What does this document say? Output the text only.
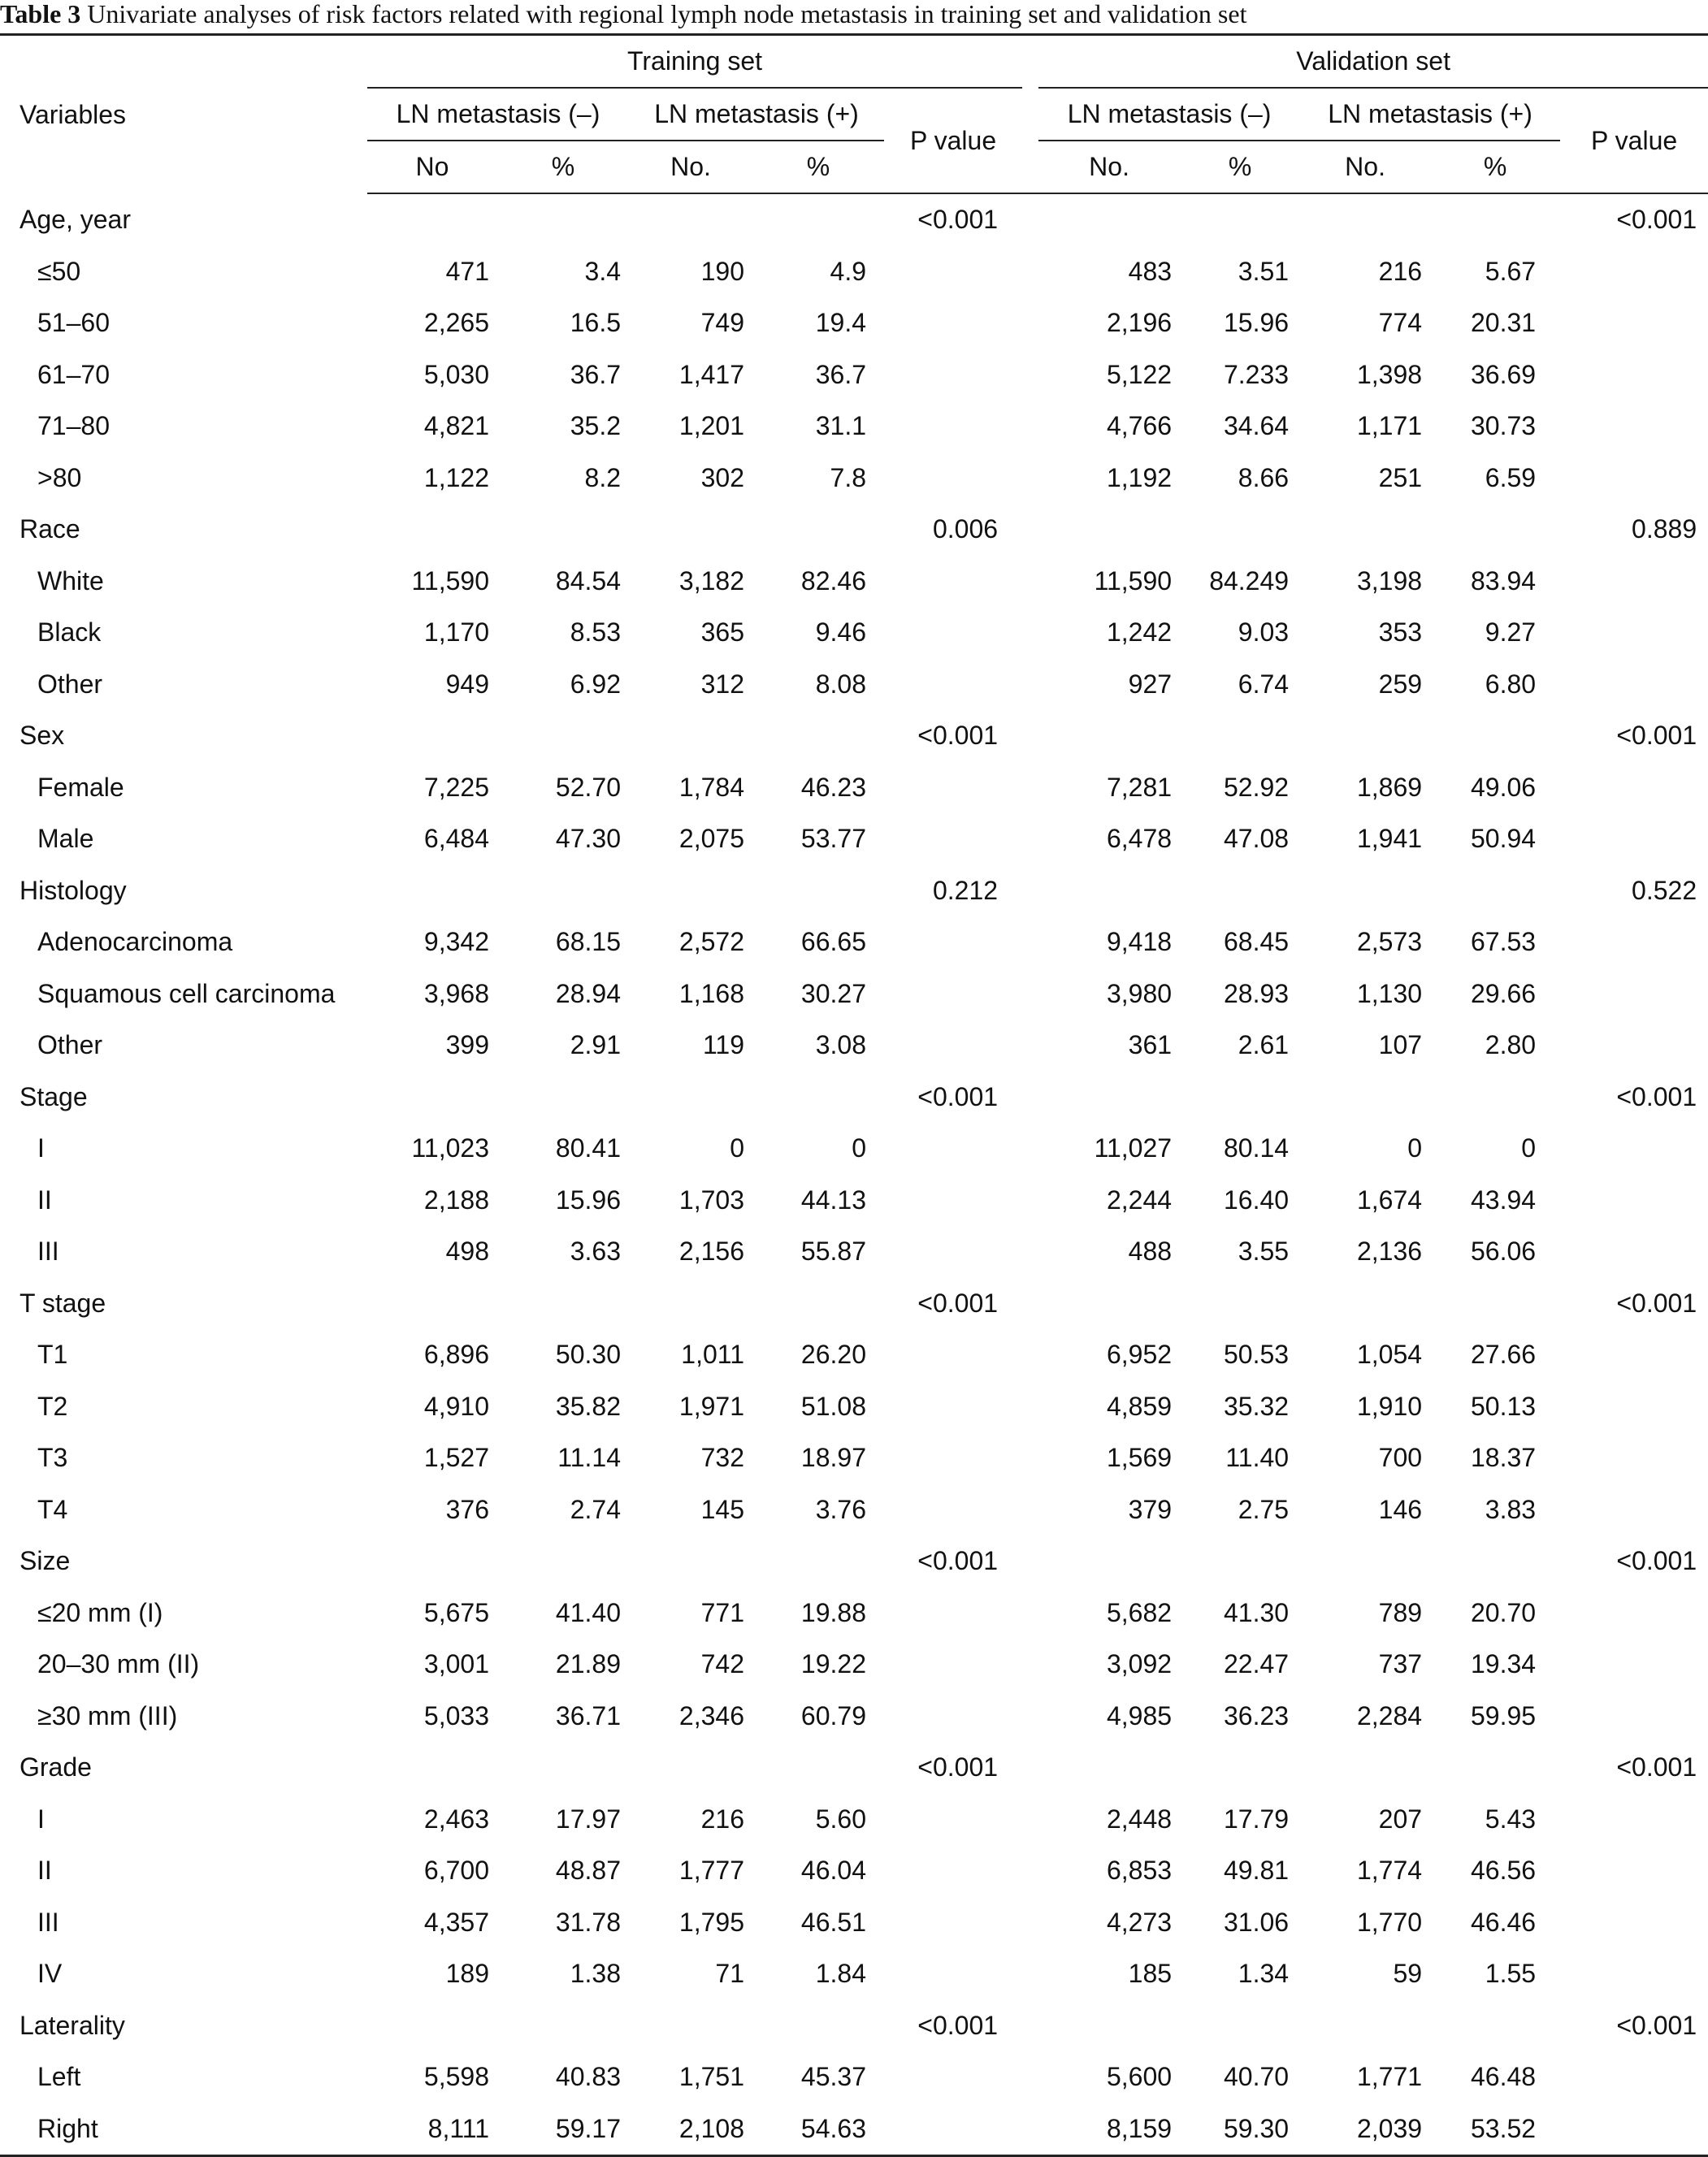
Table 3 Univariate analyses of risk factors related with regional lymph node metastasis in training set and validation set
Variables	Training set						Validation set				
	LN metastasis (–)		LN metastasis (+)		P value		LN metastasis (–)		LN metastasis (+)		P value
	No	%	No.	%			No.	%	No.	%	
Age, year					<0.001						<0.001
≤50	471	3.4	190	4.9			483	3.51	216	5.67	
51–60	2,265	16.5	749	19.4			2,196	15.96	774	20.31	
61–70	5,030	36.7	1,417	36.7			5,122	7.233	1,398	36.69	
71–80	4,821	35.2	1,201	31.1			4,766	34.64	1,171	30.73	
>80	1,122	8.2	302	7.8			1,192	8.66	251	6.59	
Race					0.006						0.889
White	11,590	84.54	3,182	82.46			11,590	84.249	3,198	83.94	
Black	1,170	8.53	365	9.46			1,242	9.03	353	9.27	
Other	949	6.92	312	8.08			927	6.74	259	6.80	
Sex					<0.001						<0.001
Female	7,225	52.70	1,784	46.23			7,281	52.92	1,869	49.06	
Male	6,484	47.30	2,075	53.77			6,478	47.08	1,941	50.94	
Histology					0.212						0.522
Adenocarcinoma	9,342	68.15	2,572	66.65			9,418	68.45	2,573	67.53	
Squamous cell carcinoma	3,968	28.94	1,168	30.27			3,980	28.93	1,130	29.66	
Other	399	2.91	119	3.08			361	2.61	107	2.80	
Stage					<0.001						<0.001
I	11,023	80.41	0	0			11,027	80.14	0	0	
II	2,188	15.96	1,703	44.13			2,244	16.40	1,674	43.94	
III	498	3.63	2,156	55.87			488	3.55	2,136	56.06	
T stage					<0.001						<0.001
T1	6,896	50.30	1,011	26.20			6,952	50.53	1,054	27.66	
T2	4,910	35.82	1,971	51.08			4,859	35.32	1,910	50.13	
T3	1,527	11.14	732	18.97			1,569	11.40	700	18.37	
T4	376	2.74	145	3.76			379	2.75	146	3.83	
Size					<0.001						<0.001
≤20 mm (I)	5,675	41.40	771	19.88			5,682	41.30	789	20.70	
20–30 mm (II)	3,001	21.89	742	19.22			3,092	22.47	737	19.34	
≥30 mm (III)	5,033	36.71	2,346	60.79			4,985	36.23	2,284	59.95	
Grade					<0.001						<0.001
I	2,463	17.97	216	5.60			2,448	17.79	207	5.43	
II	6,700	48.87	1,777	46.04			6,853	49.81	1,774	46.56	
III	4,357	31.78	1,795	46.51			4,273	31.06	1,770	46.46	
IV	189	1.38	71	1.84			185	1.34	59	1.55	
Laterality					<0.001						<0.001
Left	5,598	40.83	1,751	45.37			5,600	40.70	1,771	46.48	
Right	8,111	59.17	2,108	54.63			8,159	59.30	2,039	53.52	
